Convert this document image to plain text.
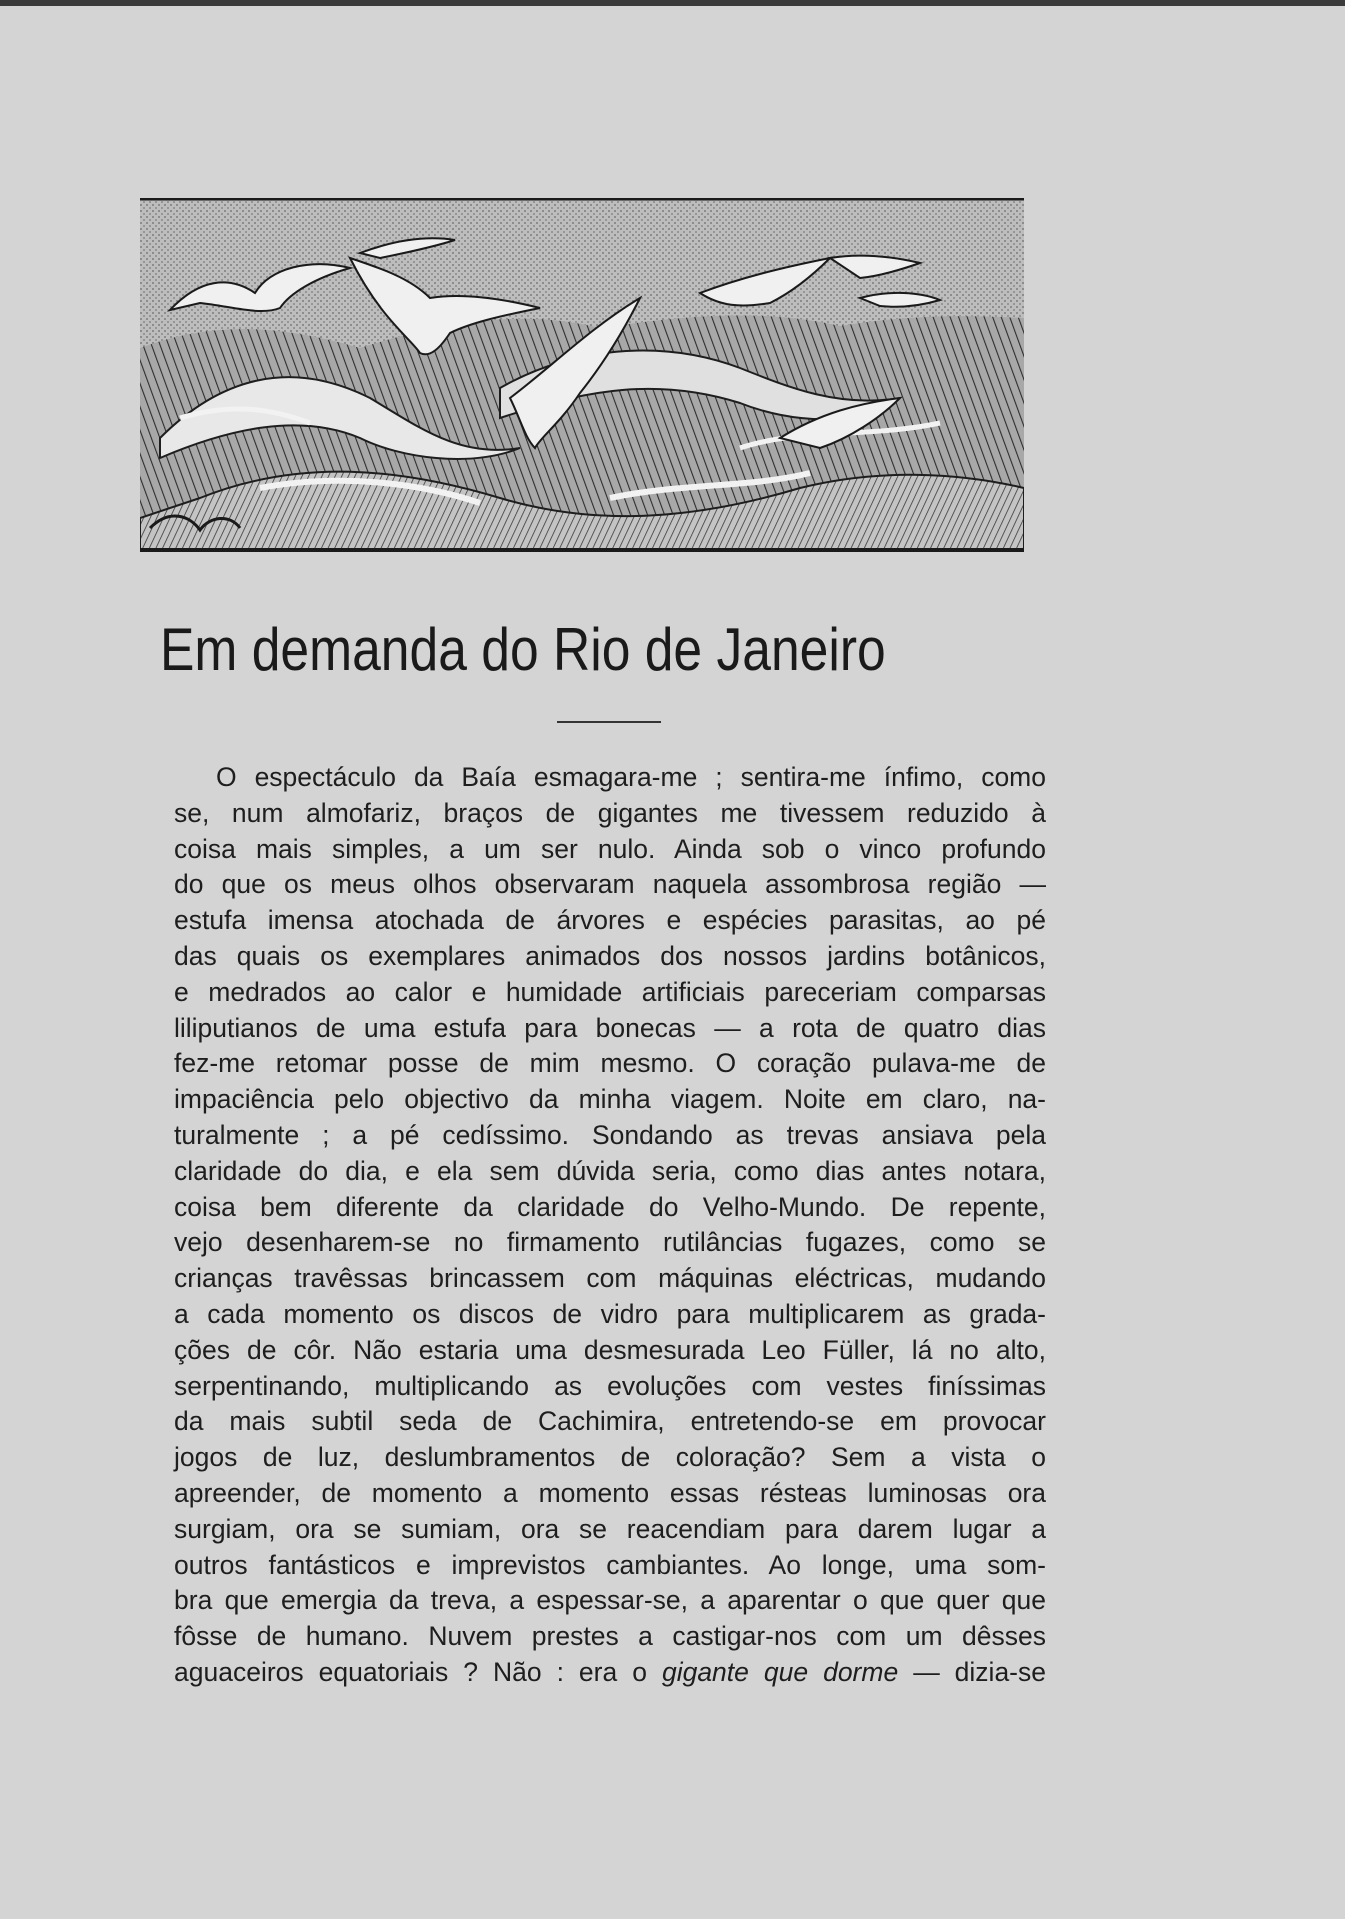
Em demanda do Rio de Janeiro
O espectáculo da Baía esmagara-me ; sentira-me ínfimo, como
se, num almofariz, braços de gigantes me tivessem reduzido à
coisa mais simples, a um ser nulo. Ainda sob o vinco profundo
do que os meus olhos observaram naquela assombrosa região —
estufa imensa atochada de árvores e espécies parasitas, ao pé
das quais os exemplares animados dos nossos jardins botânicos,
e medrados ao calor e humidade artificiais pareceriam comparsas
liliputianos de uma estufa para bonecas — a rota de quatro dias
fez-me retomar posse de mim mesmo. O coração pulava-me de
impaciência pelo objectivo da minha viagem. Noite em claro, na-
turalmente ; a pé cedíssimo. Sondando as trevas ansiava pela
claridade do dia, e ela sem dúvida seria, como dias antes notara,
coisa bem diferente da claridade do Velho-Mundo. De repente,
vejo desenharem-se no firmamento rutilâncias fugazes, como se
crianças travêssas brincassem com máquinas eléctricas, mudando
a cada momento os discos de vidro para multiplicarem as grada-
ções de côr. Não estaria uma desmesurada Leo Füller, lá no alto,
serpentinando, multiplicando as evoluções com vestes finíssimas
da mais subtil seda de Cachimira, entretendo-se em provocar
jogos de luz, deslumbramentos de coloração? Sem a vista o
apreender, de momento a momento essas résteas luminosas ora
surgiam, ora se sumiam, ora se reacendiam para darem lugar a
outros fantásticos e imprevistos cambiantes. Ao longe, uma som-
bra que emergia da treva, a espessar-se, a aparentar o que quer que
fôsse de humano. Nuvem prestes a castigar-nos com um dêsses
aguaceiros equatoriais ? Não : era o gigante que dorme — dizia-se
